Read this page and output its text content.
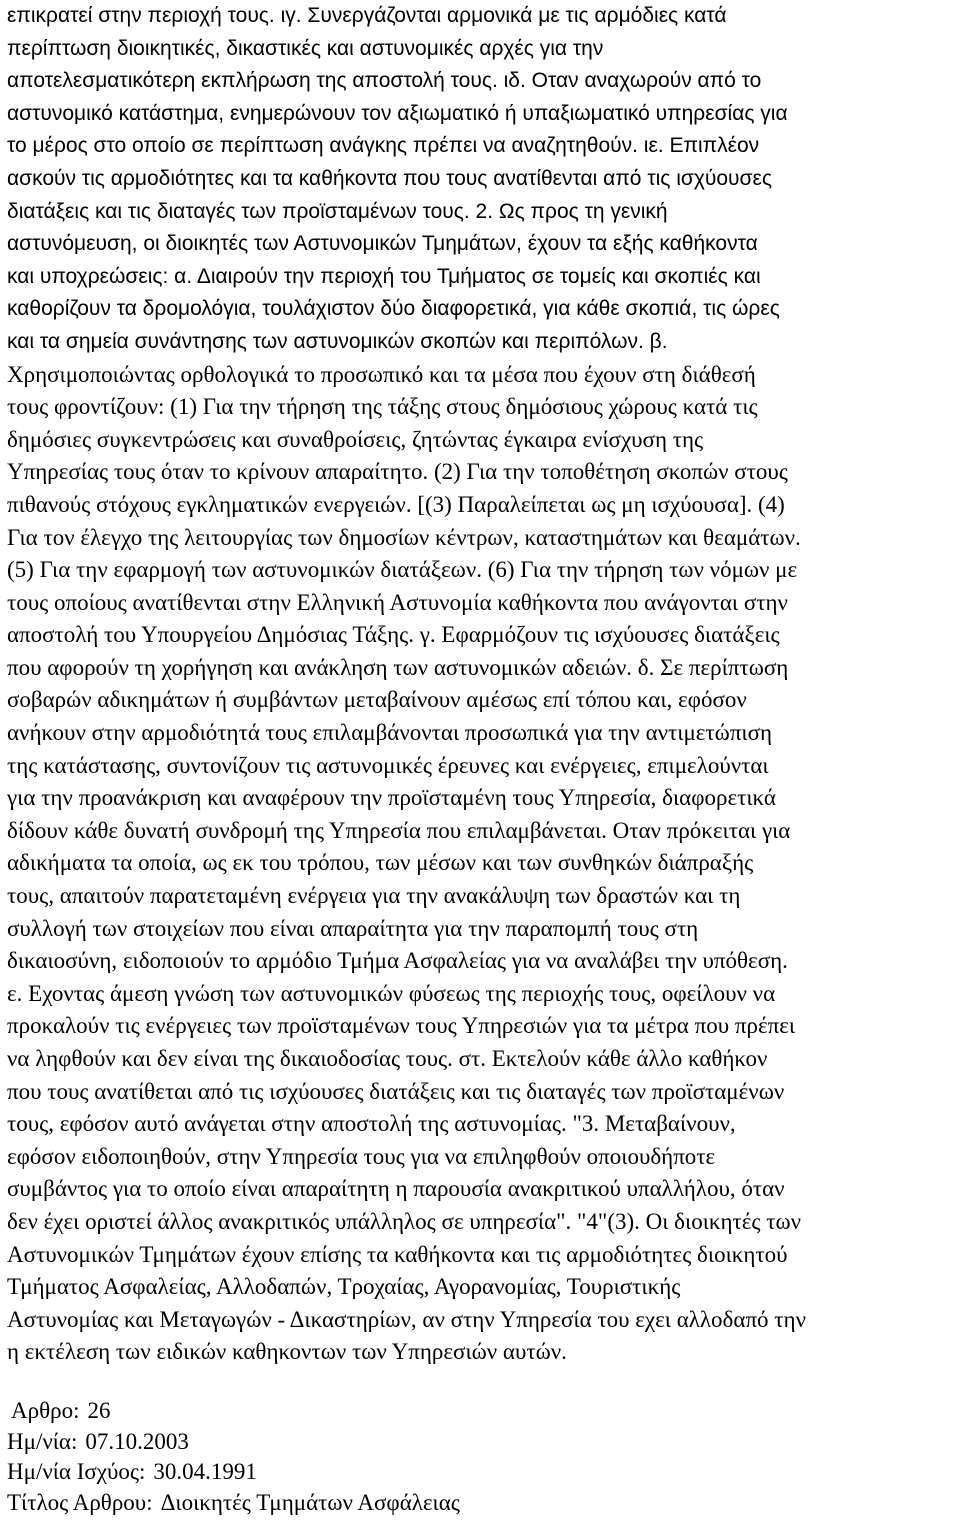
επικρατεί στην περιοχή τους. ιγ. Συνεργάζονται αρμονικά με τις αρμόδιες κατά
περίπτωση διοικητικές, δικαστικές και αστυνομικές αρχές για την
αποτελεσματικότερη εκπλήρωση της αποστολή τους. ιδ. Οταν αναχωρούν από το
αστυνομικό κατάστημα, ενημερώνουν τον αξιωματικό ή υπαξιωματικό υπηρεσίας για
το μέρος στο οποίο σε περίπτωση ανάγκης πρέπει να αναζητηθούν. ιε. Επιπλέον
ασκούν τις αρμοδιότητες και τα καθήκοντα που τους ανατίθενται από τις ισχύουσες
διατάξεις και τις διαταγές των προϊσταμένων τους. 2. Ως προς τη γενική
αστυνόμευση, οι διοικητές των Αστυνομικών Τμημάτων, έχουν τα εξής καθήκοντα
και υποχρεώσεις: α. Διαιρούν την περιοχή του Τμήματος σε τομείς και σκοπιές και
καθορίζουν τα δρομολόγια, τουλάχιστον δύο διαφορετικά, για κάθε σκοπιά, τις ώρες
και τα σημεία συνάντησης των αστυνομικών σκοπών και περιπόλων. β.
Χρησιμοποιώντας ορθολογικά το προσωπικό και τα μέσα που έχουν στη διάθεσή
τους φροντίζουν: (1) Για την τήρηση της τάξης στους δημόσιους χώρους κατά τις
δημόσιες συγκεντρώσεις και συναθροίσεις, ζητώντας έγκαιρα ενίσχυση της
Υπηρεσίας τους όταν το κρίνουν απαραίτητο. (2) Για την τοποθέτηση σκοπών στους
πιθανούς στόχους εγκληματικών ενεργειών. [(3) Παραλείπεται ως μη ισχύουσα]. (4)
Για τον έλεγχο της λειτουργίας των δημοσίων κέντρων, καταστημάτων και θεαμάτων.
(5) Για την εφαρμογή των αστυνομικών διατάξεων. (6) Για την τήρηση των νόμων με
τους οποίους ανατίθενται στην Ελληνική Αστυνομία καθήκοντα που ανάγονται στην
αποστολή του Υπουργείου Δημόσιας Τάξης. γ. Εφαρμόζουν τις ισχύουσες διατάξεις
που αφορούν τη χορήγηση και ανάκληση των αστυνομικών αδειών. δ. Σε περίπτωση
σοβαρών αδικημάτων ή συμβάντων μεταβαίνουν αμέσως επί τόπου και, εφόσον
ανήκουν στην αρμοδιότητά τους επιλαμβάνονται προσωπικά για την αντιμετώπιση
της κατάστασης, συντονίζουν τις αστυνομικές έρευνες και ενέργειες, επιμελούνται
για την προανάκριση και αναφέρουν την προϊσταμένη τους Υπηρεσία, διαφορετικά
δίδουν κάθε δυνατή συνδρομή της Υπηρεσία που επιλαμβάνεται. Οταν πρόκειται για
αδικήματα τα οποία, ως εκ του τρόπου, των μέσων και των συνθηκών διάπραξής
τους, απαιτούν παρατεταμένη ενέργεια για την ανακάλυψη των δραστών και τη
συλλογή των στοιχείων που είναι απαραίτητα για την παραπομπή τους στη
δικαιοσύνη, ειδοποιούν το αρμόδιο Τμήμα Ασφαλείας για να αναλάβει την υπόθεση.
ε. Εχοντας άμεση γνώση των αστυνομικών φύσεως της περιοχής τους, οφείλουν να
προκαλούν τις ενέργειες των προϊσταμένων τους Υπηρεσιών για τα μέτρα που πρέπει
να ληφθούν και δεν είναι της δικαιοδοσίας τους. στ. Εκτελούν κάθε άλλο καθήκον
που τους ανατίθεται από τις ισχύουσες διατάξεις και τις διαταγές των προϊσταμένων
τους, εφόσον αυτό ανάγεται στην αποστολή της αστυνομίας. "3. Μεταβαίνουν,
εφόσον ειδοποιηθούν, στην Υπηρεσία τους για να επιληφθούν οποιουδήποτε
συμβάντος για το οποίο είναι απαραίτητη η παρουσία ανακριτικού υπαλλήλου, όταν
δεν έχει οριστεί άλλος ανακριτικός υπάλληλος σε υπηρεσία". "4"(3). Οι διοικητές των
Αστυνομικών Τμημάτων έχουν επίσης τα καθήκοντα και τις αρμοδιότητες διοικητού
Τμήματος Ασφαλείας, Αλλοδαπών, Τροχαίας, Αγορανομίας, Τουριστικής
Αστυνομίας και Μεταγωγών - Δικαστηρίων, αν στην Υπηρεσία του εχει αλλοδαπό την
η εκτέλεση των ειδικών καθηκοντων των Υπηρεσιών αυτών.
Αρθρο: 26
Ημ/νία: 07.10.2003
Ημ/νία Ισχύος: 30.04.1991
Τίτλος Αρθρου: Διοικητές Τμημάτων Ασφάλειας
